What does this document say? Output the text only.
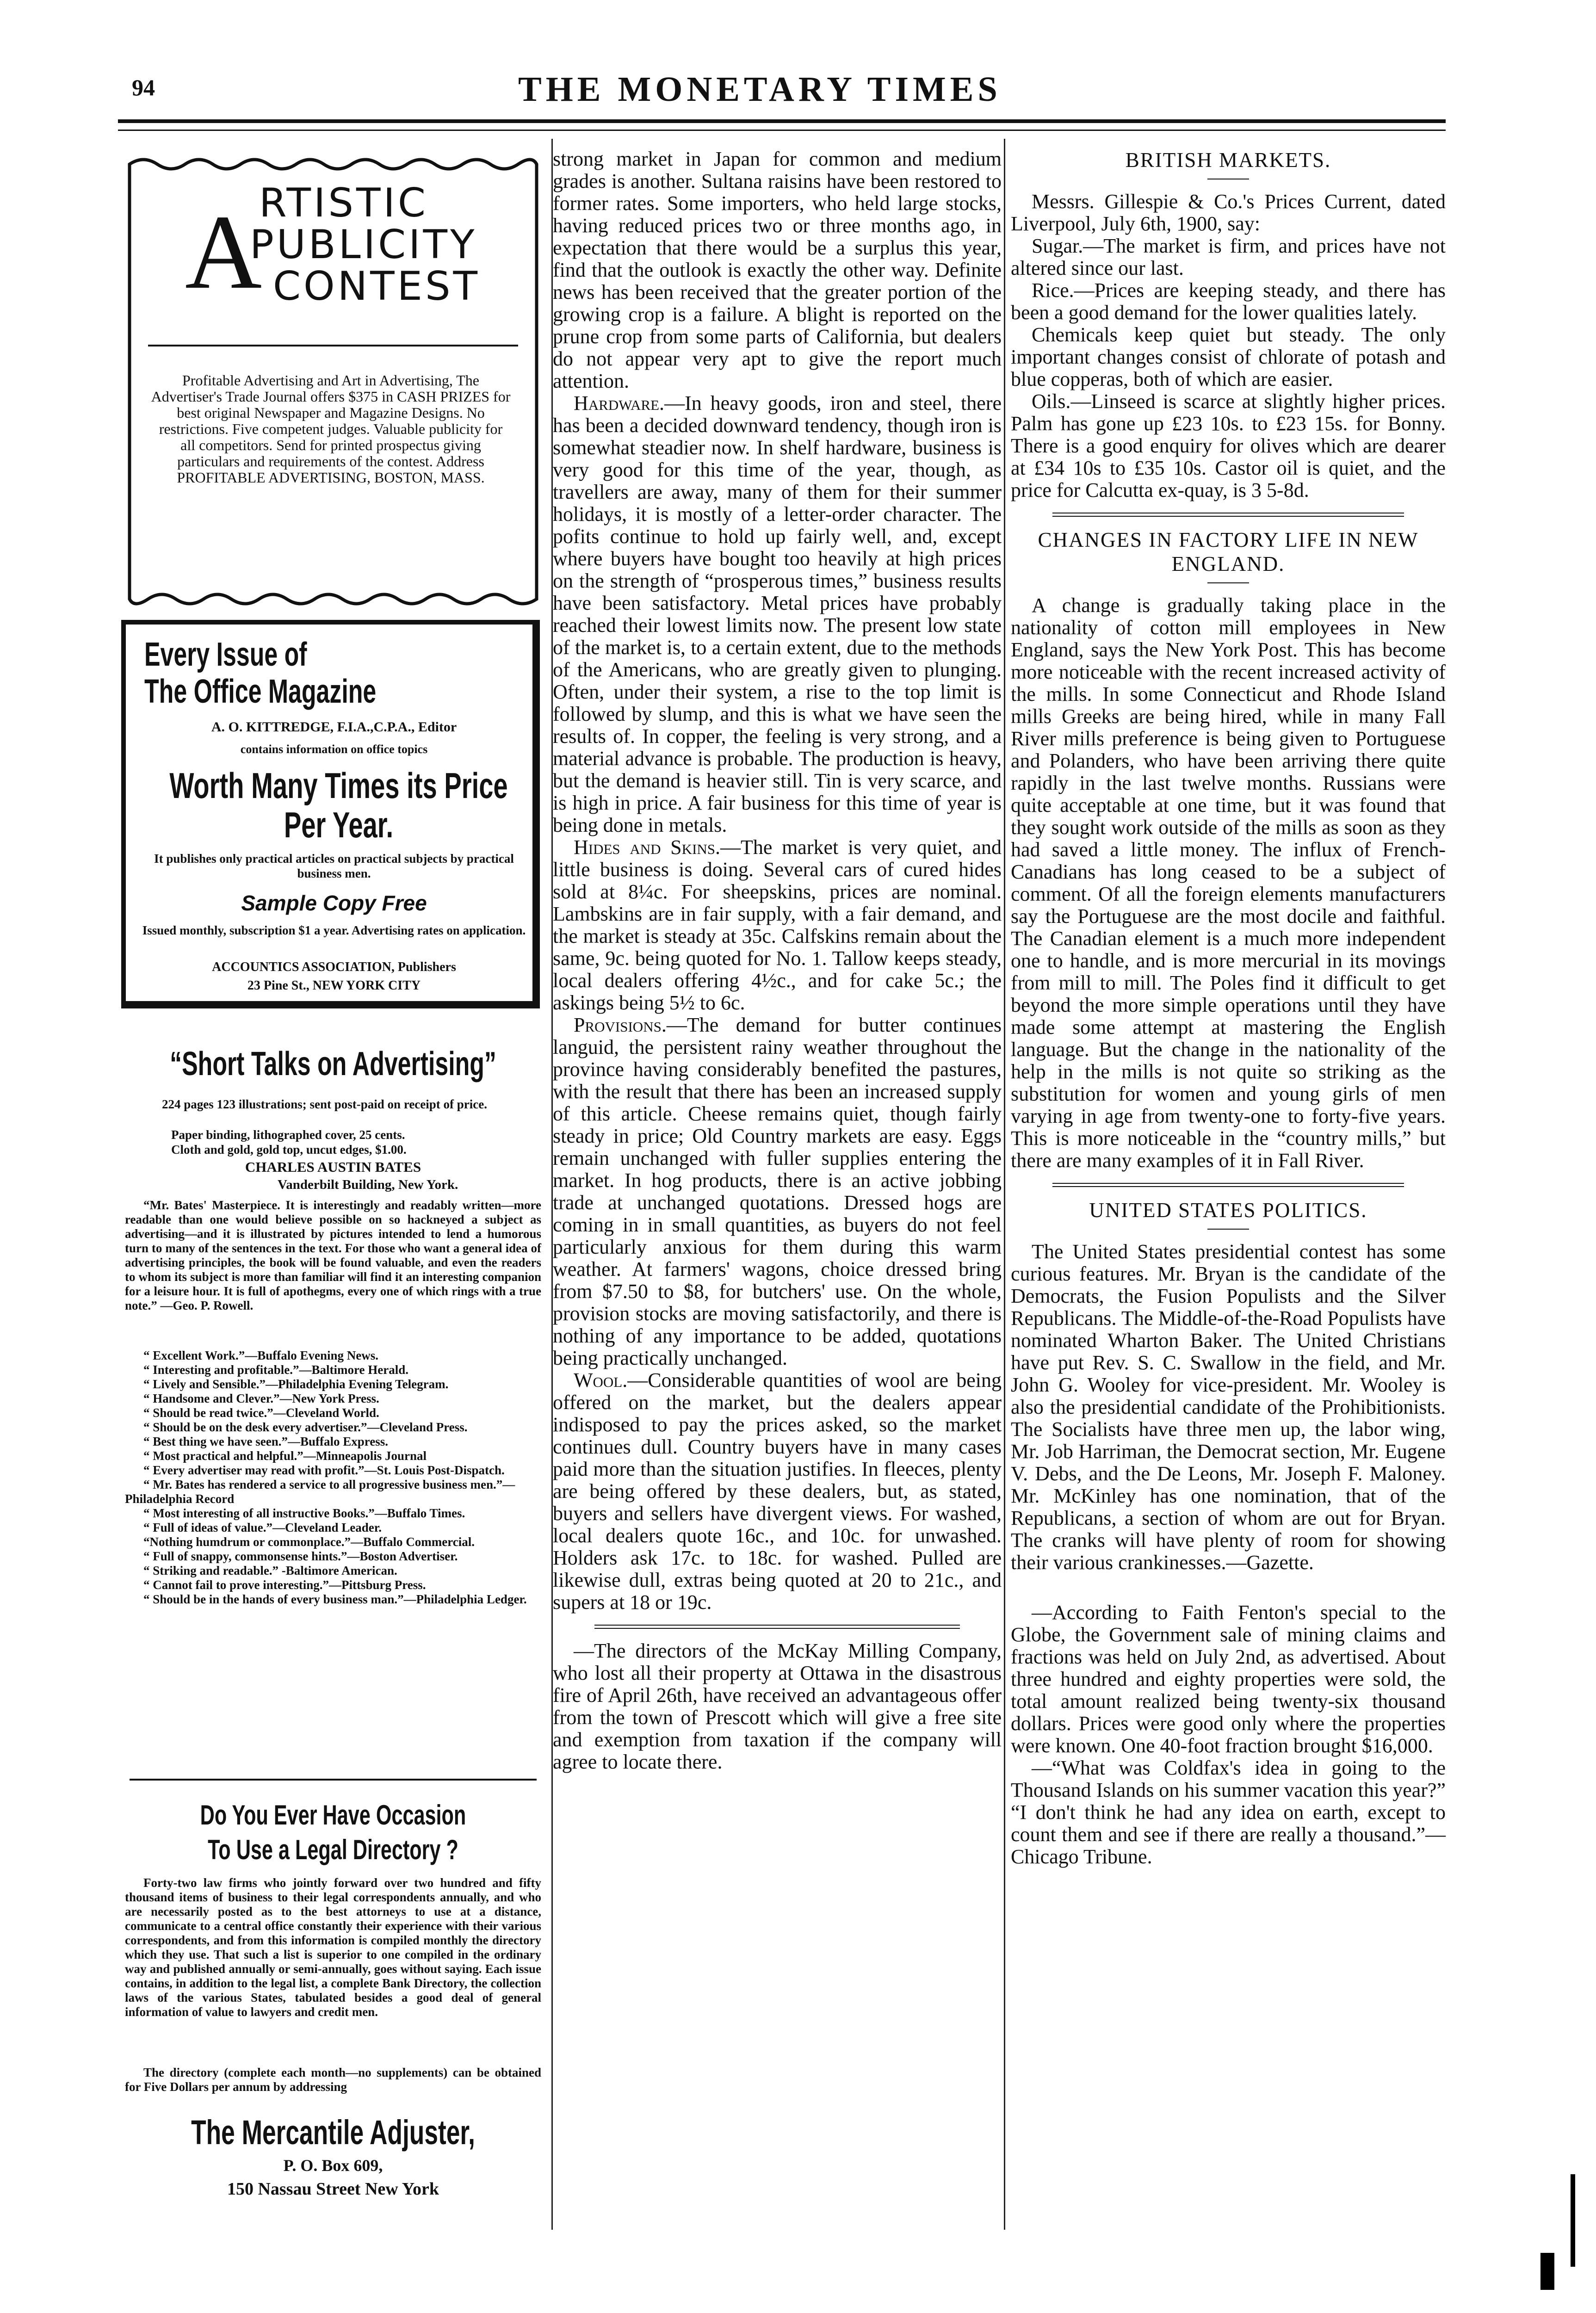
94	THE MONETARY TIMES
A
RTISTIC
PUBLICITY
CONTEST
Profitable Advertising and Art in Advertising, The Advertiser's Trade Journal offers $375 in CASH PRIZES for best original Newspaper and Magazine Designs. No restrictions. Five competent judges. Valuable publicity for all competitors. Send for printed prospectus giving particulars and requirements of the contest. Address PROFITABLE ADVERTISING, BOSTON, MASS.
Every Issue of
The Office Magazine
A. O. KITTREDGE, F.I.A.,C.P.A., Editor
contains information on office topics
Worth Many Times its Price
Per Year.
It publishes only practical articles on practical subjects by practical business men.
Sample Copy Free
Issued monthly, subscription $1 a year. Advertising rates on application.
ACCOUNTICS ASSOCIATION, Publishers
23 Pine St., NEW YORK CITY
“Short Talks on Advertising”
224 pages 123 illustrations; sent post-paid on receipt of price.
Paper binding, lithographed cover, 25 cents.
Cloth and gold, gold top, uncut edges, $1.00.
CHARLES AUSTIN BATES
Vanderbilt Building, New York.
“Mr. Bates' Masterpiece. It is interestingly and readably written—more readable than one would believe possible on so hackneyed a subject as advertising—and it is illustrated by pictures intended to lend a humorous turn to many of the sentences in the text. For those who want a general idea of advertising principles, the book will be found valuable, and even the readers to whom its subject is more than familiar will find it an interesting companion for a leisure hour. It is full of apothegms, every one of which rings with a true note.” —Geo. P. Rowell.
“ Excellent Work.”—Buffalo Evening News.
“ Interesting and profitable.”—Baltimore Herald.
“ Lively and Sensible.”—Philadelphia Evening Telegram.
“ Handsome and Clever.”—New York Press.
“ Should be read twice.”—Cleveland World.
“ Should be on the desk every advertiser.”—Cleveland Press.
“ Best thing we have seen.”—Buffalo Express.
“ Most practical and helpful.”—Minneapolis Journal
“ Every advertiser may read with profit.”—St. Louis Post-Dispatch.
“ Mr. Bates has rendered a service to all progressive business men.”—Philadelphia Record
“ Most interesting of all instructive Books.”—Buffalo Times.
“ Full of ideas of value.”—Cleveland Leader.
“Nothing humdrum or commonplace.”—Buffalo Commercial.
“ Full of snappy, commonsense hints.”—Boston Advertiser.
“ Striking and readable.” -Baltimore American.
“ Cannot fail to prove interesting.”—Pittsburg Press.
“ Should be in the hands of every business man.”—Philadelphia Ledger.
Do You Ever Have Occasion
To Use a Legal Directory ?
Forty-two law firms who jointly forward over two hundred and fifty thousand items of business to their legal correspondents annually, and who are necessarily posted as to the best attorneys to use at a distance, communicate to a central office constantly their experience with their various correspondents, and from this information is compiled monthly the directory which they use. That such a list is superior to one compiled in the ordinary way and published annually or semi-annually, goes without saying. Each issue contains, in addition to the legal list, a complete Bank Directory, the collection laws of the various States, tabulated besides a good deal of general information of value to lawyers and credit men.
The directory (complete each month—no supplements) can be obtained for Five Dollars per annum by addressing
The Mercantile Adjuster,
P. O. Box 609,
150 Nassau Street New York

strong market in Japan for common and medium grades is another. Sultana raisins have been restored to former rates. Some importers, who held large stocks, having reduced prices two or three months ago, in expectation that there would be a surplus this year, find that the outlook is exactly the other way. Definite news has been received that the greater portion of the growing crop is a failure. A blight is reported on the prune crop from some parts of California, but dealers do not appear very apt to give the report much attention.

Hardware.—In heavy goods, iron and steel, there has been a decided downward tendency, though iron is somewhat steadier now. In shelf hardware, business is very good for this time of the year, though, as travellers are away, many of them for their summer holidays, it is mostly of a letter-order character. The pofits continue to hold up fairly well, and, except where buyers have bought too heavily at high prices on the strength of “prosperous times,” business results have been satisfactory. Metal prices have probably reached their lowest limits now. The present low state of the market is, to a certain extent, due to the methods of the Americans, who are greatly given to plunging. Often, under their system, a rise to the top limit is followed by slump, and this is what we have seen the results of. In copper, the feeling is very strong, and a material advance is probable. The production is heavy, but the demand is heavier still. Tin is very scarce, and is high in price. A fair business for this time of year is being done in metals.

Hides and Skins.—The market is very quiet, and little business is doing. Several cars of cured hides sold at 8¼c. For sheepskins, prices are nominal. Lambskins are in fair supply, with a fair demand, and the market is steady at 35c. Calfskins remain about the same, 9c. being quoted for No. 1. Tallow keeps steady, local dealers offering 4½c., and for cake 5c.; the askings being 5½ to 6c.

Provisions.—The demand for butter continues languid, the persistent rainy weather throughout the province having considerably benefited the pastures, with the result that there has been an increased supply of this article. Cheese remains quiet, though fairly steady in price; Old Country markets are easy. Eggs remain unchanged with fuller supplies entering the market. In hog products, there is an active jobbing trade at unchanged quotations. Dressed hogs are coming in in small quantities, as buyers do not feel particularly anxious for them during this warm weather. At farmers' wagons, choice dressed bring from $7.50 to $8, for butchers' use. On the whole, provision stocks are moving satisfactorily, and there is nothing of any importance to be added, quotations being practically unchanged.

Wool.—Considerable quantities of wool are being offered on the market, but the dealers appear indisposed to pay the prices asked, so the market continues dull. Country buyers have in many cases paid more than the situation justifies. In fleeces, plenty are being offered by these dealers, but, as stated, buyers and sellers have divergent views. For washed, local dealers quote 16c., and 10c. for unwashed. Holders ask 17c. to 18c. for washed. Pulled are likewise dull, extras being quoted at 20 to 21c., and supers at 18 or 19c.

—The directors of the McKay Milling Company, who lost all their property at Ottawa in the disastrous fire of April 26th, have received an advantageous offer from the town of Prescott which will give a free site and exemption from taxation if the company will agree to locate there.

BRITISH MARKETS.

Messrs. Gillespie & Co.'s Prices Current, dated Liverpool, July 6th, 1900, say:

Sugar.—The market is firm, and prices have not altered since our last.

Rice.—Prices are keeping steady, and there has been a good demand for the lower qualities lately.

Chemicals keep quiet but steady. The only important changes consist of chlorate of potash and blue copperas, both of which are easier.

Oils.—Linseed is scarce at slightly higher prices. Palm has gone up £23 10s. to £23 15s. for Bonny. There is a good enquiry for olives which are dearer at £34 10s to £35 10s. Castor oil is quiet, and the price for Calcutta ex-quay, is 3 5-8d.

CHANGES IN FACTORY LIFE IN NEW ENGLAND.

A change is gradually taking place in the nationality of cotton mill employees in New England, says the New York Post. This has become more noticeable with the recent increased activity of the mills. In some Connecticut and Rhode Island mills Greeks are being hired, while in many Fall River mills preference is being given to Portuguese and Polanders, who have been arriving there quite rapidly in the last twelve months. Russians were quite acceptable at one time, but it was found that they sought work outside of the mills as soon as they had saved a little money. The influx of French-Canadians has long ceased to be a subject of comment. Of all the foreign elements manufacturers say the Portuguese are the most docile and faithful. The Canadian element is a much more independent one to handle, and is more mercurial in its movings from mill to mill. The Poles find it difficult to get beyond the more simple operations until they have made some attempt at mastering the English language. But the change in the nationality of the help in the mills is not quite so striking as the substitution for women and young girls of men varying in age from twenty-one to forty-five years. This is more noticeable in the “country mills,” but there are many examples of it in Fall River.

UNITED STATES POLITICS.

The United States presidential contest has some curious features. Mr. Bryan is the candidate of the Democrats, the Fusion Populists and the Silver Republicans. The Middle-of-the-Road Populists have nominated Wharton Baker. The United Christians have put Rev. S. C. Swallow in the field, and Mr. John G. Wooley for vice-president. Mr. Wooley is also the presidential candidate of the Prohibitionists. The Socialists have three men up, the labor wing, Mr. Job Harriman, the Democrat section, Mr. Eugene V. Debs, and the De Leons, Mr. Joseph F. Maloney. Mr. McKinley has one nomination, that of the Republicans, a section of whom are out for Bryan. The cranks will have plenty of room for showing their various crankinesses.—Gazette.

—According to Faith Fenton's special to the Globe, the Government sale of mining claims and fractions was held on July 2nd, as advertised. About three hundred and eighty properties were sold, the total amount realized being twenty-six thousand dollars. Prices were good only where the properties were known. One 40-foot fraction brought $16,000.

—“What was Coldfax's idea in going to the Thousand Islands on his summer vacation this year?” “I don't think he had any idea on earth, except to count them and see if there are really a thousand.”—Chicago Tribune.
